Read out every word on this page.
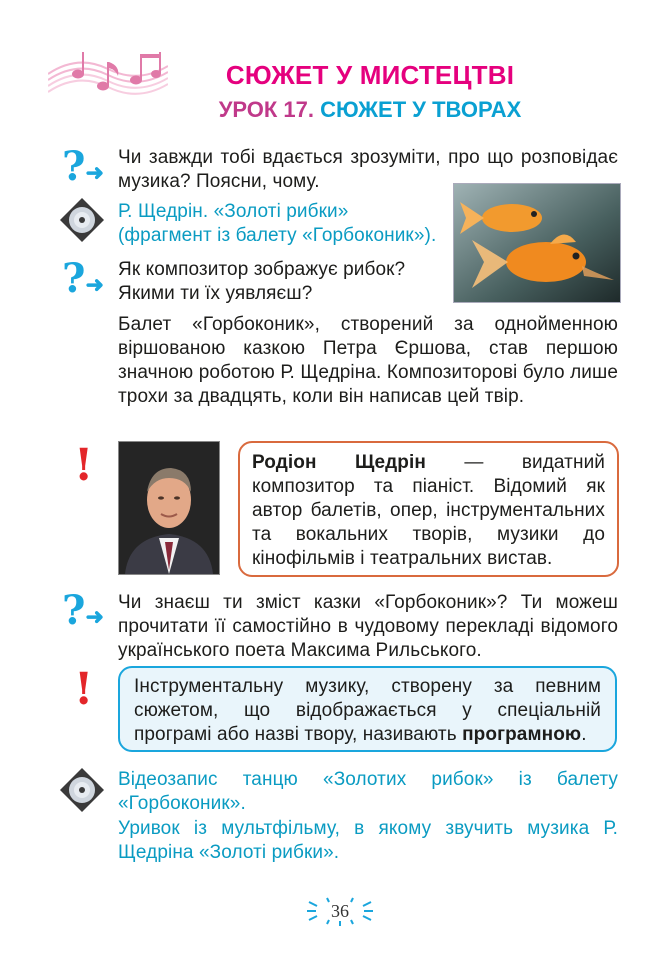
СЮЖЕТ У МИСТЕЦТВІ
УРОК 17. СЮЖЕТ У ТВОРАХ
?➜
Чи завжди тобі вдається зрозуміти, про що розповідає музика? Поясни, чому.
Р. Щедрін. «Золоті рибки» (фрагмент із балету «Горбоконик»).
?➜
Як композитор зображує рибок?
Якими ти їх уявляєш?
Балет «Горбоконик», створений за однойменною віршованою казкою Петра Єршова, став першою значною роботою Р. Щедріна. Композиторові було лише трохи за двадцять, коли він написав цей твір.
!	Родіон Щедрін — видатний композитор та піаніст. Відомий як автор балетів, опер, інструментальних та вокальних творів, музики до кінофільмів і театральних вистав.
?➜
Чи знаєш ти зміст казки «Горбоконик»? Ти можеш прочитати її самостійно в чудовому перекладі відомого українського поета Максима Рильського.
!	Інструментальну музику, створену за певним сюжетом, що відображається у спеціальній програмі або назві твору, називають програмною.
Відеозапис танцю «Золотих рибок» із балету «Горбоконик».
Уривок із мультфільму, в якому звучить музика Р. Щедріна «Золоті рибки».
36
